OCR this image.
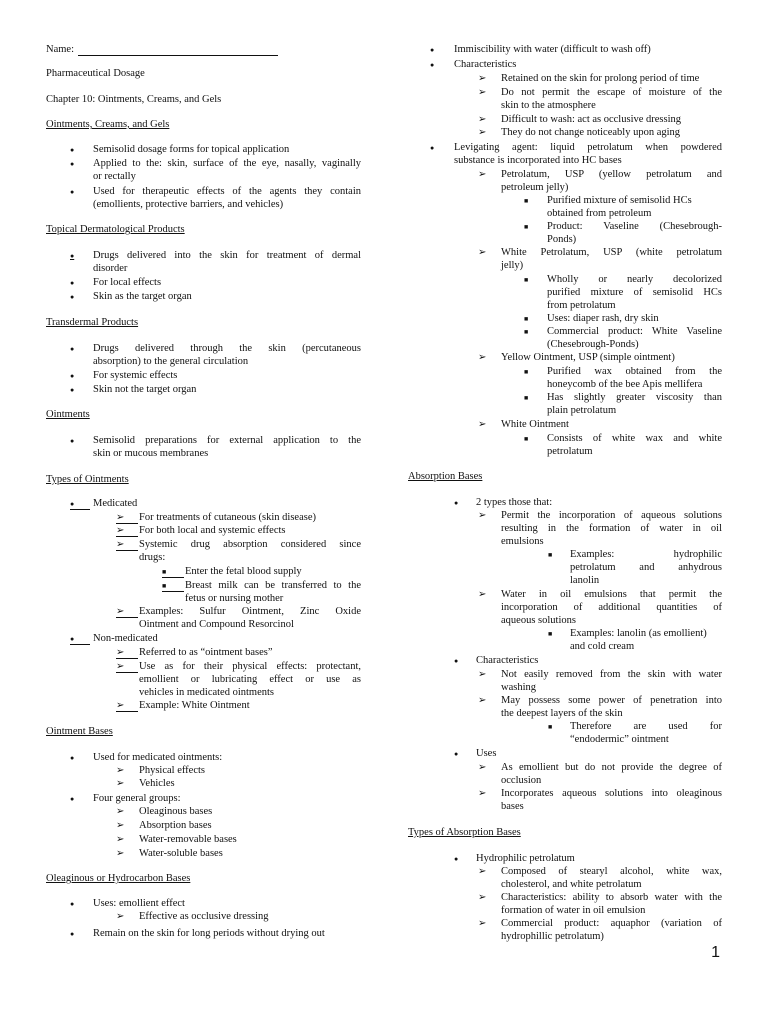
Name:
Pharmaceutical Dosage
Chapter 10: Ointments, Creams, and Gels
Ointments, Creams, and Gels
●
Semisolid dosage forms for topical application
●
Applied to the: skin, surface of the eye, nasally, vaginally
or rectally
●
Used for therapeutic effects of the agents they contain
(emollients, protective barriers, and vehicles)
Topical Dermatological Products
●
Drugs delivered into the skin for treatment of dermal
disorder
●
For local effects
●
Skin as the target organ
Transdermal Products
●
Drugs delivered through the skin (percutaneous
absorption) to the general circulation
●
For systemic effects
●
Skin not the target organ
Ointments
●
Semisolid preparations for external application to the
skin or mucous membranes
Types of Ointments
●
Medicated
➢
For treatments of cutaneous (skin disease)
➢
For both local and systemic effects
➢
Systemic drug absorption considered since
drugs:
■
Enter the fetal blood supply
■
Breast milk can be transferred to the
fetus or nursing mother
➢
Examples: Sulfur Ointment, Zinc Oxide
Ointment and Compound Resorcinol
●
Non-medicated
➢
Referred to as “ointment bases”
➢
Use as for their physical effects: protectant,
emollient or lubricating effect or use as
vehicles in medicated ointments
➢
Example: White Ointment
Ointment Bases
●
Used for medicated ointments:
➢
Physical effects
➢
Vehicles
●
Four general groups:
➢
Oleaginous bases
➢
Absorption bases
➢
Water-removable bases
➢
Water-soluble bases
Oleaginous or Hydrocarbon Bases
●
Uses: emollient effect
➢
Effective as occlusive dressing
●
Remain on the skin for long periods without drying out
●
Immiscibility with water (difficult to wash off)
●
Characteristics
➢
Retained on the skin for prolong period of time
➢
Do not permit the escape of moisture of the
skin to the atmosphere
➢
Difficult to wash: act as occlusive dressing
➢
They do not change noticeably upon aging
●
Levigating agent: liquid petrolatum when powdered
substance is incorporated into HC bases
➢
Petrolatum, USP (yellow petrolatum and
petroleum jelly)
■
Purified mixture of semisolid HCs
obtained from petroleum
■
Product: Vaseline (Chesebrough-
Ponds)
➢
White Petrolatum, USP (white petrolatum
jelly)
■
Wholly or nearly decolorized
purified mixture of semisolid HCs
from petrolatum
■
Uses: diaper rash, dry skin
■
Commercial product: White Vaseline
(Chesebrough-Ponds)
➢
Yellow Ointment, USP (simple ointment)
■
Purified wax obtained from the
honeycomb of the bee Apis mellifera
■
Has slightly greater viscosity than
plain petrolatum
➢
White Ointment
■
Consists of white wax and white
petrolatum
Absorption Bases
●
2 types those that:
➢
Permit the incorporation of aqueous solutions
resulting in the formation of water in oil
emulsions
■
Examples: hydrophilic
petrolatum and anhydrous
lanolin
➢
Water in oil emulsions that permit the
incorporation of additional quantities of
aqueous solutions
■
Examples: lanolin (as emollient)
and cold cream
●
Characteristics
➢
Not easily removed from the skin with water
washing
➢
May possess some power of penetration into
the deepest layers of the skin
■
Therefore are used for
“endodermic” ointment
●
Uses
➢
As emollient but do not provide the degree of
occlusion
➢
Incorporates aqueous solutions into oleaginous
bases
Types of Absorption Bases
●
Hydrophilic petrolatum
➢
Composed of stearyl alcohol, white wax,
cholesterol, and white petrolatum
➢
Characteristics: ability to absorb water with the
formation of water in oil emulsion
➢
Commercial product: aquaphor (variation of
hydrophillic petrolatum)
1
